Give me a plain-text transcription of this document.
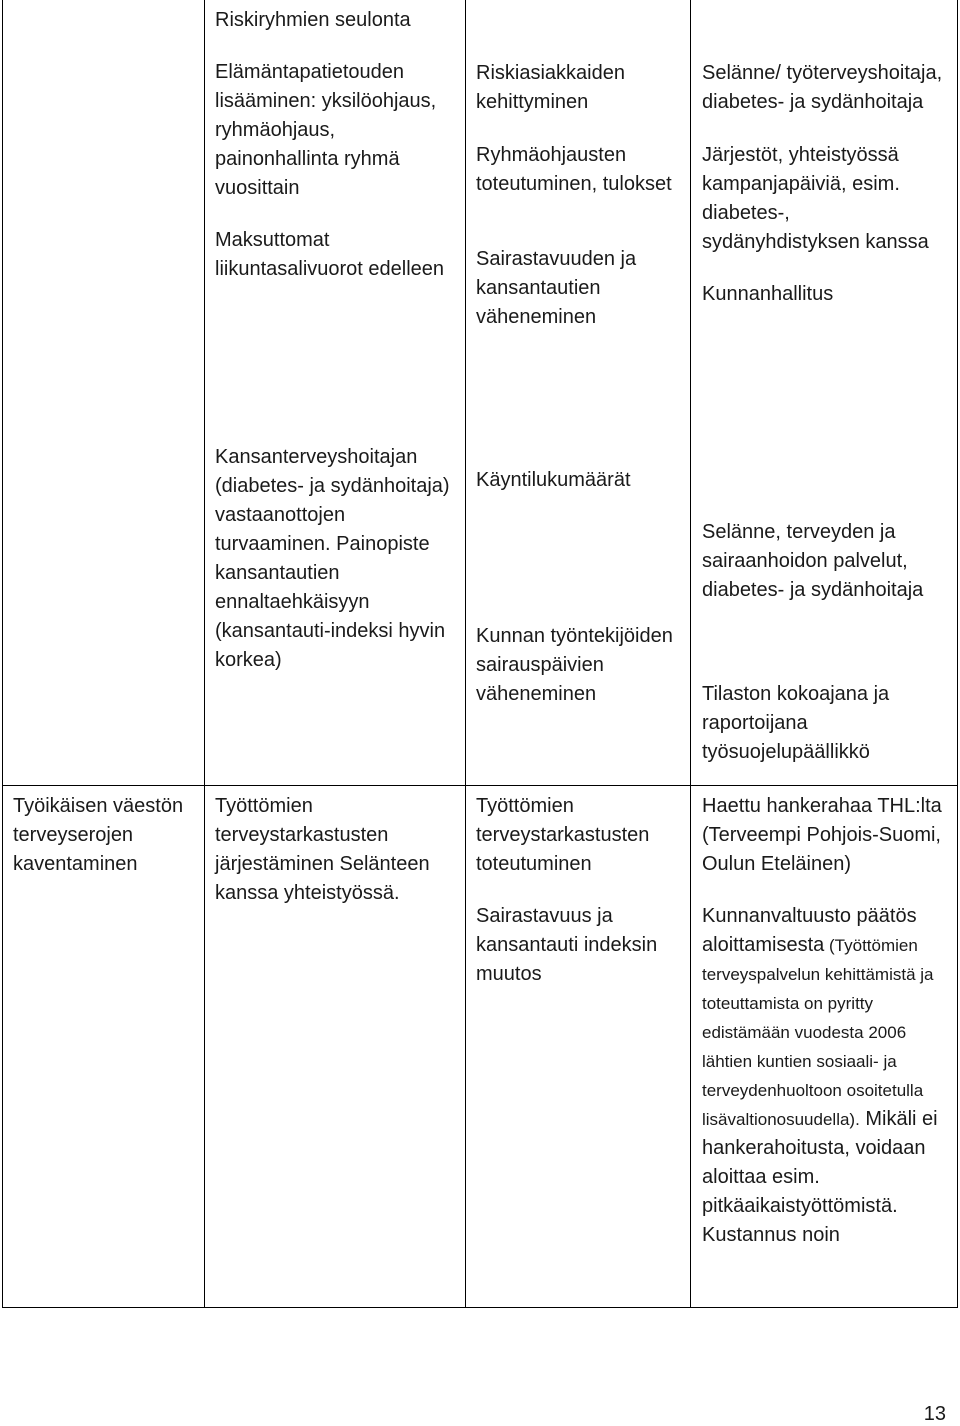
Riskiryhmien seulonta

Elämäntapatietouden lisääminen: yksilöohjaus, ryhmäohjaus, painonhallinta ryhmä vuosittain

Maksuttomat liikuntasalivuorot edelleen

Riskiasiakkaiden kehittyminen

Ryhmäohjausten toteutuminen, tulokset

Sairastavuuden ja kansantautien väheneminen

Selänne/ työterveyshoitaja, diabetes- ja sydänhoitaja

Järjestöt, yhteistyössä kampanjapäiviä, esim. diabetes-, sydänyhdistyksen kanssa

Kunnanhallitus

Kansanterveyshoitajan (diabetes- ja sydänhoitaja) vastaanottojen turvaaminen. Painopiste kansantautien ennaltaehkäisyyn (kansantauti-indeksi hyvin korkea)

Käyntilukumäärät

Kunnan työntekijöiden sairauspäivien väheneminen

Selänne, terveyden ja sairaanhoidon palvelut, diabetes- ja sydänhoitaja

Tilaston kokoajana ja raportoijana työsuojelupäällikkö

Työikäisen väestön terveyserojen kaventaminen

Työttömien terveystarkastusten järjestäminen Selänteen kanssa yhteistyössä.

Työttömien terveystarkastusten toteutuminen

Sairastavuus ja kansantauti indeksin muutos

Haettu hankerahaa THL:lta (Terveempi Pohjois-Suomi, Oulun Eteläinen)

Kunnanvaltuusto päätös aloittamisesta (Työttömien terveyspalvelun kehittämistä ja toteuttamista on pyritty edistämään vuodesta 2006 lähtien kuntien sosiaali- ja terveydenhuoltoon osoitetulla lisävaltionosuudella). Mikäli ei hankerahoitusta, voidaan aloittaa esim. pitkäaikaistyöttömistä. Kustannus noin

13
